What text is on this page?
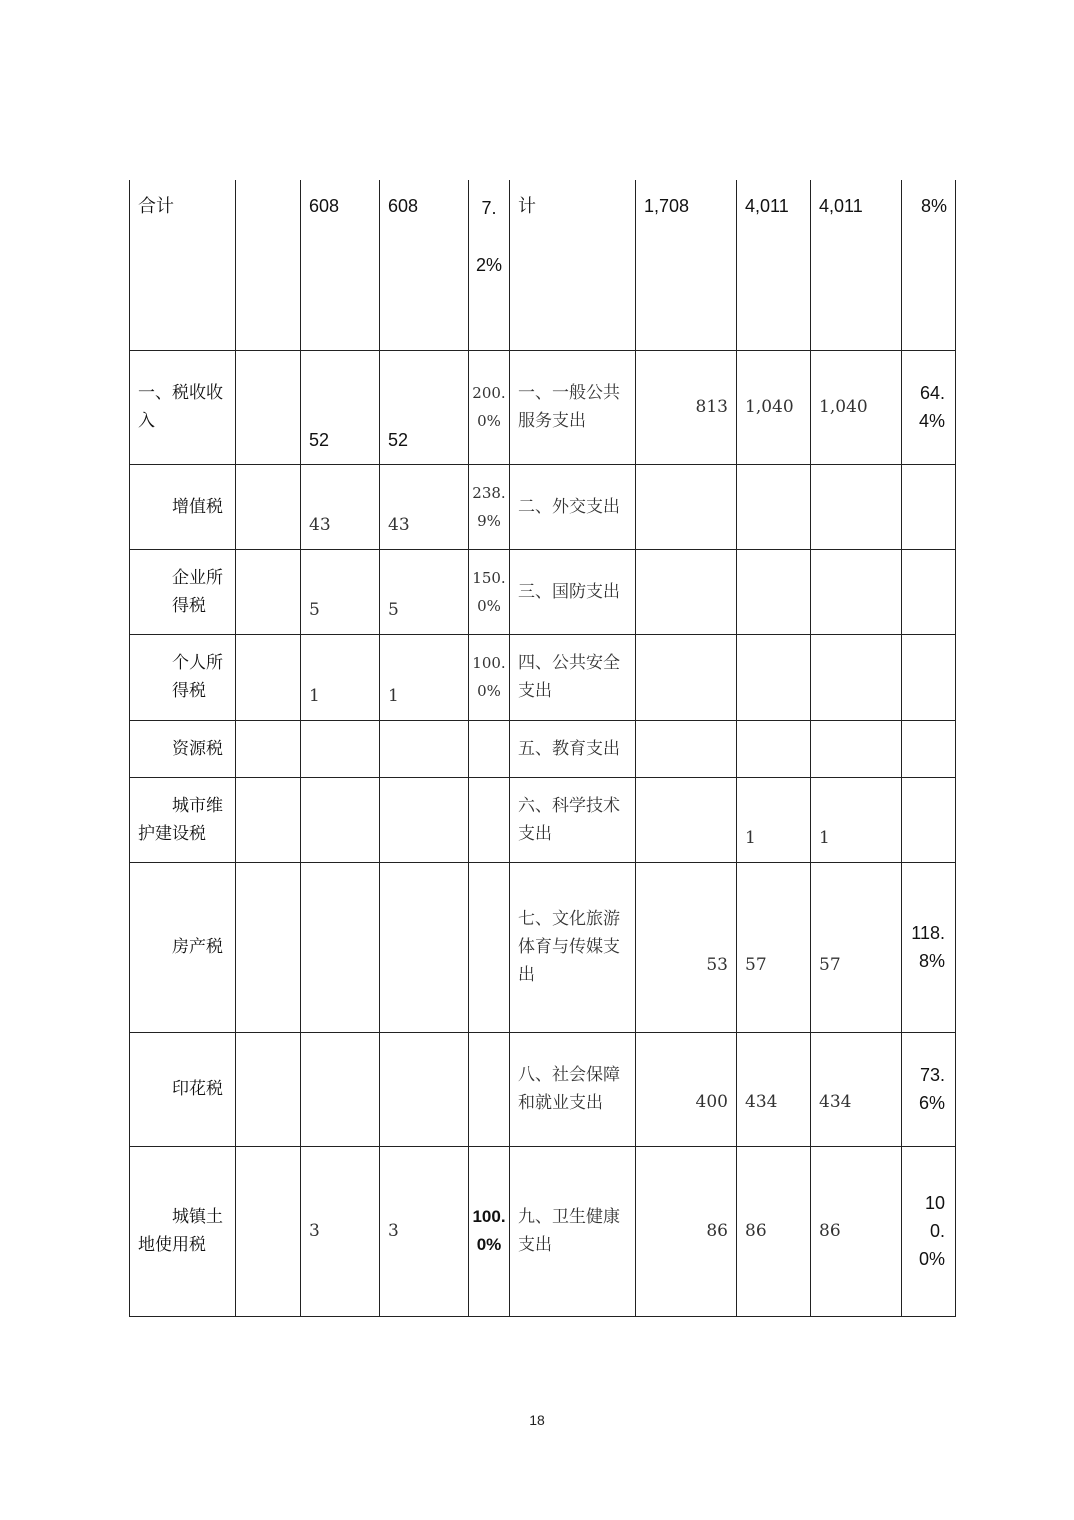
合计		608	608	7.2%	计	1,708	4,011	4,011	8%
一、税收收入		52	52	200.0%	一、一般公共服务支出	813	1,040	1,040	64.4%
增值税		43	43	238.9%	二、外交支出				
企业所得税		5	5	150.0%	三、国防支出				
个人所得税		1	1	100.0%	四、公共安全支出				
资源税					五、教育支出				

城市维护建设税					六、科学技术支出		1	1	
房产税					七、文化旅游体育与传媒支出	53	57	57	118.8%
印花税					八、社会保障和就业支出	400	434	434	73.6%

城镇土地使用税		3	3	100.0%	九、卫生健康支出	86	86	86	100.0%
18
